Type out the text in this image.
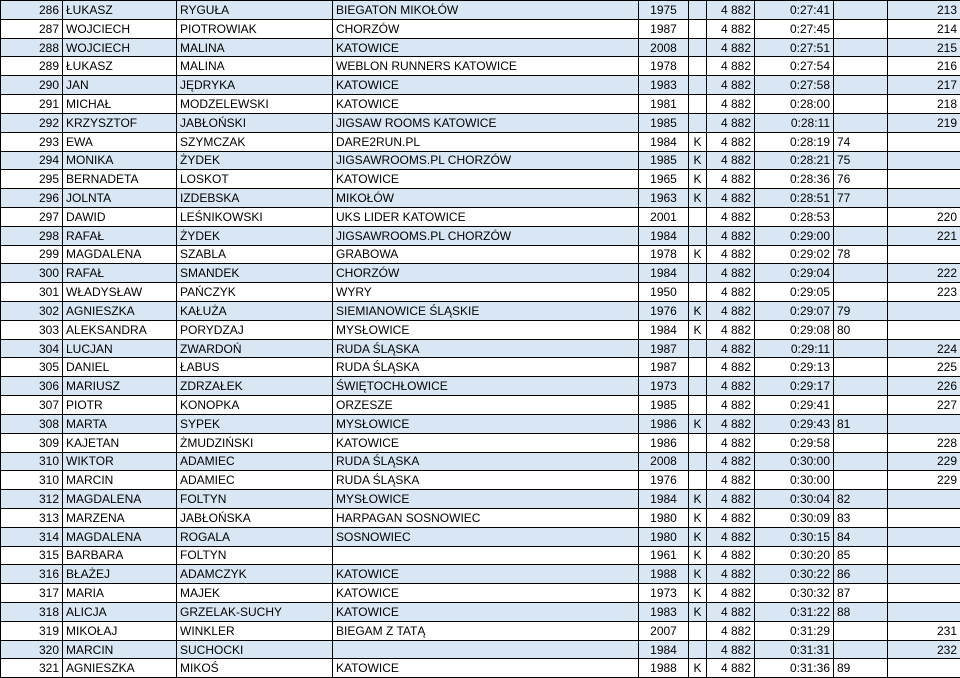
286	ŁUKASZ	RYGUŁA	BIEGATON MIKOŁÓW	1975		4 882	0:27:41		213
287	WOJCIECH	PIOTROWIAK	CHORZÓW	1987		4 882	0:27:45		214
288	WOJCIECH	MALINA	KATOWICE	2008		4 882	0:27:51		215
289	ŁUKASZ	MALINA	WEBLON RUNNERS KATOWICE	1978		4 882	0:27:54		216
290	JAN	JĘDRYKA	KATOWICE	1983		4 882	0:27:58		217
291	MICHAŁ	MODZELEWSKI	KATOWICE	1981		4 882	0:28:00		218
292	KRZYSZTOF	JABŁOŃSKI	JIGSAW ROOMS KATOWICE	1985		4 882	0:28:11		219
293	EWA	SZYMCZAK	DARE2RUN.PL	1984	K	4 882	0:28:19	74	
294	MONIKA	ŻYDEK	JIGSAWROOMS.PL CHORZÓW	1985	K	4 882	0:28:21	75	
295	BERNADETA	LOSKOT	KATOWICE	1965	K	4 882	0:28:36	76	
296	JOLNTA	IZDEBSKA	MIKOŁÓW	1963	K	4 882	0:28:51	77	
297	DAWID	LEŚNIKOWSKI	UKS LIDER KATOWICE	2001		4 882	0:28:53		220
298	RAFAŁ	ŻYDEK	JIGSAWROOMS.PL CHORZÓW	1984		4 882	0:29:00		221
299	MAGDALENA	SZABLA	GRABOWA	1978	K	4 882	0:29:02	78	
300	RAFAŁ	SMANDEK	CHORZÓW	1984		4 882	0:29:04		222
301	WŁADYSŁAW	PAŃCZYK	WYRY	1950		4 882	0:29:05		223
302	AGNIESZKA	KAŁUŻA	SIEMIANOWICE ŚLĄSKIE	1976	K	4 882	0:29:07	79	
303	ALEKSANDRA	PORYDZAJ	MYSŁOWICE	1984	K	4 882	0:29:08	80	
304	LUCJAN	ZWARDOŃ	RUDA ŚLĄSKA	1987		4 882	0:29:11		224
305	DANIEL	ŁABUS	RUDA ŚLĄSKA	1987		4 882	0:29:13		225
306	MARIUSZ	ZDRZAŁEK	ŚWIĘTOCHŁOWICE	1973		4 882	0:29:17		226
307	PIOTR	KONOPKA	ORZESZE	1985		4 882	0:29:41		227
308	MARTA	SYPEK	MYSŁOWICE	1986	K	4 882	0:29:43	81	
309	KAJETAN	ŻMUDZIŃSKI	KATOWICE	1986		4 882	0:29:58		228
310	WIKTOR	ADAMIEC	RUDA ŚLĄSKA	2008		4 882	0:30:00		229
310	MARCIN	ADAMIEC	RUDA ŚLĄSKA	1976		4 882	0:30:00		229
312	MAGDALENA	FOLTYN	MYSŁOWICE	1984	K	4 882	0:30:04	82	
313	MARZENA	JABŁOŃSKA	HARPAGAN SOSNOWIEC	1980	K	4 882	0:30:09	83	
314	MAGDALENA	ROGALA	SOSNOWIEC	1980	K	4 882	0:30:15	84	
315	BARBARA	FOLTYN		1961	K	4 882	0:30:20	85	
316	BŁAŻEJ	ADAMCZYK	KATOWICE	1988	K	4 882	0:30:22	86	
317	MARIA	MAJEK	KATOWICE	1973	K	4 882	0:30:32	87	
318	ALICJA	GRZELAK-SUCHY	KATOWICE	1983	K	4 882	0:31:22	88	
319	MIKOŁAJ	WINKLER	BIEGAM Z TATĄ	2007		4 882	0:31:29		231
320	MARCIN	SUCHOCKI		1984		4 882	0:31:31		232
321	AGNIESZKA	MIKOŚ	KATOWICE	1988	K	4 882	0:31:36	89	
